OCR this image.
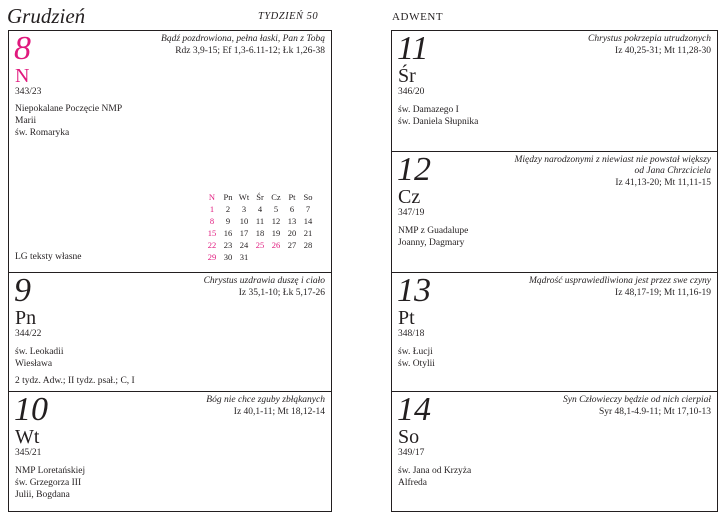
Grudzień	TYDZIEŃ 50	ADWENT
8
N
343/23
Bądź pozdrowiona, pełna łaski, Pan z Tobą
Rdz 3,9-15; Ef 1,3-6.11-12; Łk 1,26-38
Niepokalane Poczęcie NMP
Marii
św. Romaryka
N	Pn	Wt	Śr	Cz	Pt	So
1	2	3	4	5	6	7
8	9	10	11	12	13	14
15	16	17	18	19	20	21
22	23	24	25	26	27	28
29	30	31				
LG teksty własne
9
Pn
344/22
Chrystus uzdrawia duszę i ciało
Iz 35,1-10; Łk 5,17-26
św. Leokadii
Wiesława
2 tydz. Adw.; II tydz. psał.; C, I
10
Wt
345/21
Bóg nie chce zguby zbłąkanych
Iz 40,1-11; Mt 18,12-14
NMP Loretańskiej
św. Grzegorza III
Julii, Bogdana
11
Śr
346/20
Chrystus pokrzepia utrudzonych
Iz 40,25-31; Mt 11,28-30
św. Damazego I
św. Daniela Słupnika
12
Cz
347/19
Między narodzonymi z niewiast nie powstał większy
od Jana Chrzciciela
Iz 41,13-20; Mt 11,11-15
NMP z Guadalupe
Joanny, Dagmary
13
Pt
348/18
Mądrość usprawiedliwiona jest przez swe czyny
Iz 48,17-19; Mt 11,16-19
św. Łucji
św. Otylii
14
So
349/17
Syn Człowieczy będzie od nich cierpiał
Syr 48,1-4.9-11; Mt 17,10-13
św. Jana od Krzyża
Alfreda
